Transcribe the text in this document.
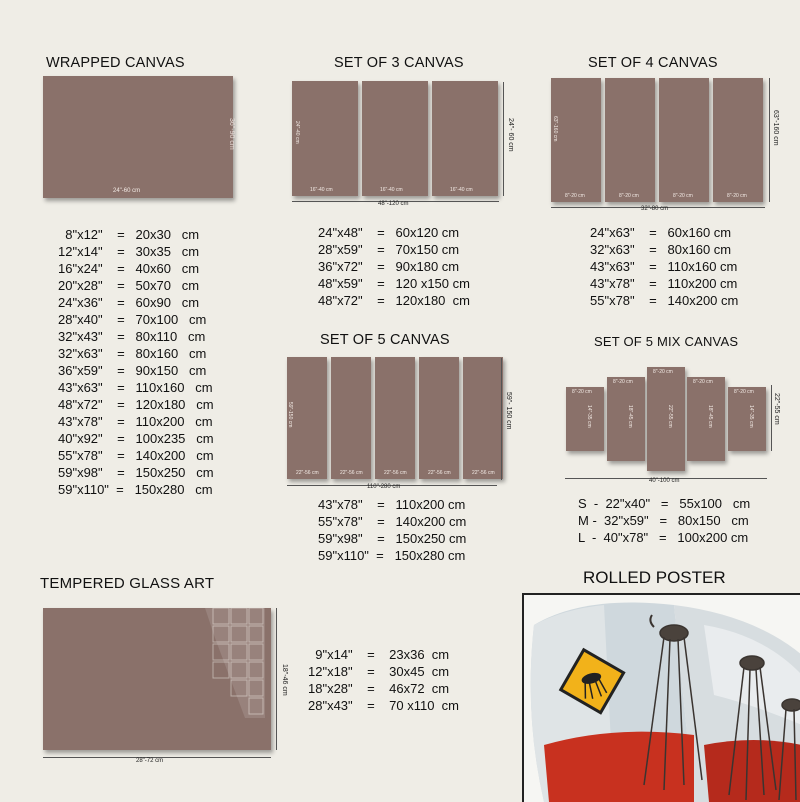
WRAPPED CANVAS
24"-60 cm
36"-90 cm
8"x12"    =   20x30   cm
12"x14"    =   30x35   cm
16"x24"    =   40x60   cm
20"x28"    =   50x70   cm
24"x36"    =   60x90   cm
28"x40"    =   70x100   cm
32"x43"    =   80x110   cm
32"x63"    =   80x160   cm
36"x59"    =   90x150   cm
43"x63"    =   110x160   cm
48"x72"    =   120x180   cm
43"x78"    =   110x200   cm
40"x92"    =   100x235   cm
55"x78"    =   140x200   cm
59"x98"    =   150x250   cm
59"x110"  =   150x280   cm
SET OF 3 CANVAS
16"-40 cm
24"-40 cm
16"-40 cm	16"-40 cm
48"-120 cm
24"- 60 cm
24"x48"    =   60x120 cm
28"x59"    =   70x150 cm
36"x72"    =   90x180 cm
48"x59"    =   120 x150 cm
48"x72"    =   120x180  cm
SET OF 4 CANVAS
8"-20 cm
63"-160 cm
8"-20 cm	8"-20 cm	8"-20 cm
32"-80 cm
63"-160 cm
24"x63"    =   60x160 cm
32"x63"    =   80x160 cm
43"x63"    =   110x160 cm
43"x78"    =   110x200 cm
55"x78"    =   140x200 cm
SET OF 5 CANVAS
22"-56 cm
59"-150 cm
22"-56 cm	22"-56 cm	22"-56 cm	22"-56 cm
110"-280 cm
59"- 150 cm
43"x78"    =   110x200 cm
55"x78"    =   140x200 cm
59"x98"    =   150x250 cm
59"x110"  =   150x280 cm
SET OF 5 MIX CANVAS
8"-20 cm
14"-35 cm
8"-20 cm
18"-45 cm
8"-20 cm
22"-55 cm
8"-20 cm
18"-45 cm
8"-20 cm
14"-35 cm
40"-100 cm
22"-55 cm
S  -  22"x40"   =   55x100   cm
M -  32"x59"   =   80x150   cm
L  -  40"x78"   =   100x200 cm
TEMPERED GLASS ART
28"-72 cm
18"-46 cm
9"x14"    =    23x36  cm
12"x18"    =    30x45  cm
18"x28"    =    46x72  cm
28"x43"    =    70 x110  cm
ROLLED POSTER
